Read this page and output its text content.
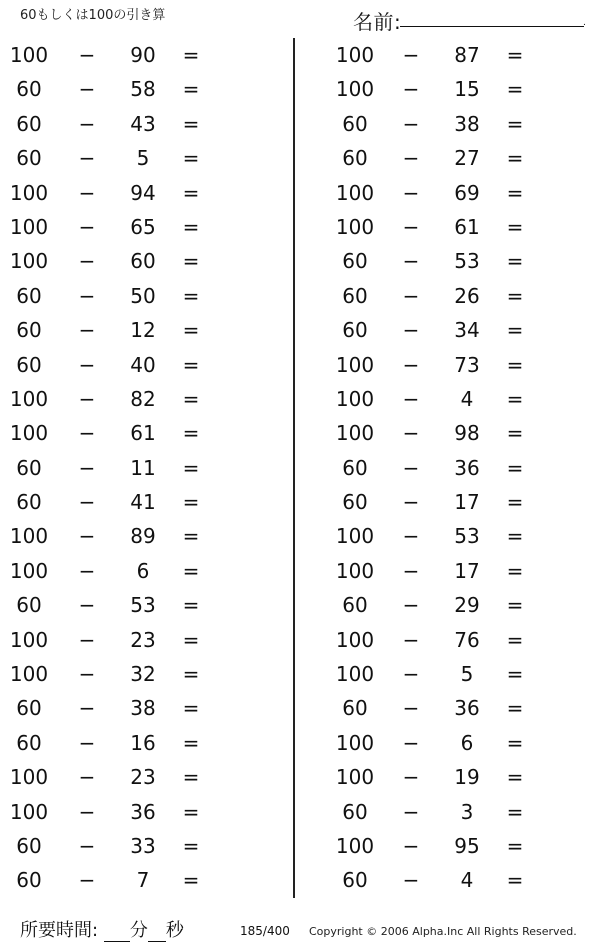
60もしくは100の引き算	名前:	.
100	−	90	=
60	−	58	=
60	−	43	=
60	−	5	=
100	−	94	=
100	−	65	=
100	−	60	=
60	−	50	=
60	−	12	=
60	−	40	=
100	−	82	=
100	−	61	=
60	−	11	=
60	−	41	=
100	−	89	=
100	−	6	=
60	−	53	=
100	−	23	=
100	−	32	=
60	−	38	=
60	−	16	=
100	−	23	=
100	−	36	=
60	−	33	=
60	−	7	=
100	−	87	=
100	−	15	=
60	−	38	=
60	−	27	=
100	−	69	=
100	−	61	=
60	−	53	=
60	−	26	=
60	−	34	=
100	−	73	=
100	−	4	=
100	−	98	=
60	−	36	=
60	−	17	=
100	−	53	=
100	−	17	=
60	−	29	=
100	−	76	=
100	−	5	=
60	−	36	=
100	−	6	=
100	−	19	=
60	−	3	=
100	−	95	=
60	−	4	=
所要時間: 分 秒	185/400 Copyright © 2006 Alpha.Inc All Rights Reserved.
